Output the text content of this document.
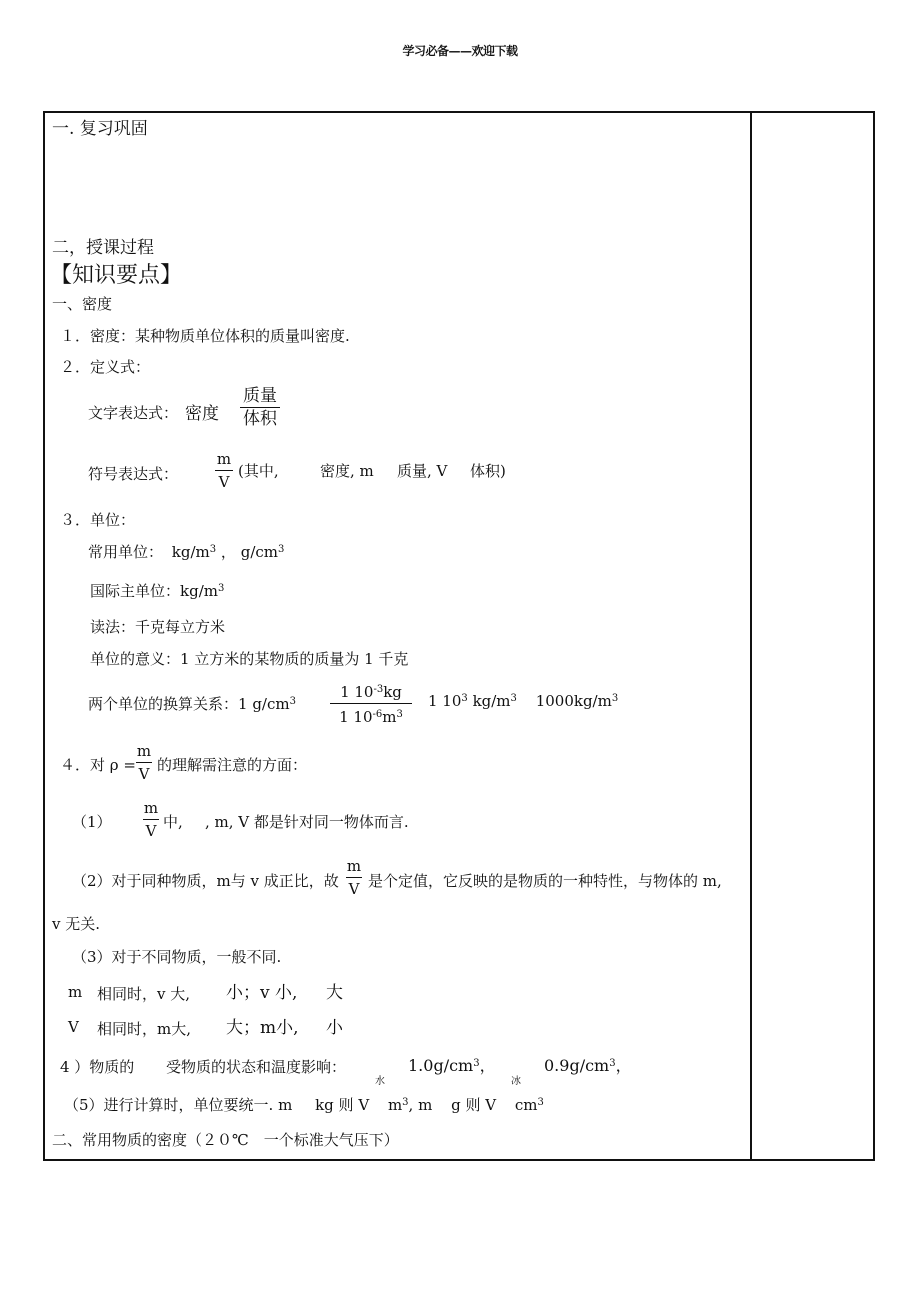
学习必备——欢迎下载
一. 复习巩固
二，授课过程
【知识要点】
一、密度
１．密度：某种物质单位体积的质量叫密度.
２．定义式：
文字表达式： 密度
质量
体积
符号表达式：
m
V
(其中,	密度, m 质量, V 体积)
３．单位：
常用单位： $kg/m^3$ ， $g/cm^3$
国际主单位：$kg/m^3$
读法：千克每立方米
单位的意义：1 立方米的某物质的质量为 1 千克
两个单位的换算关系：1 $g/cm^3$
1 $10^{-3}kg$
1 $10^{-6}m^3$
1 $10^3$ $kg/m^3$ $1000kg/m^3$
４．对 ρ =
m
V 的理解需注意的方面：
（1）
m
V 中, , m, V 都是针对同一物体而言.
（2）对于同种物质，m与 v 成正比，故
m
V 是个定值，它反映的是物质的一种特性，与物体的 m,
v 无关.
（3）对于不同物质，一般不同.
m 相同时，v 大, 小；v 小, 大
V 相同时，m大, 大；m小, 小
4 ）物质的 受物质的状态和温度影响：
水
$1.0g/cm^3$，
冰
$0.9g/cm^3$，
（5）进行计算时，单位要统一. m kg 则 V $m^3$, m g 则 V $cm^3$
二、常用物质的密度（２０℃　一个标准大气压下）
